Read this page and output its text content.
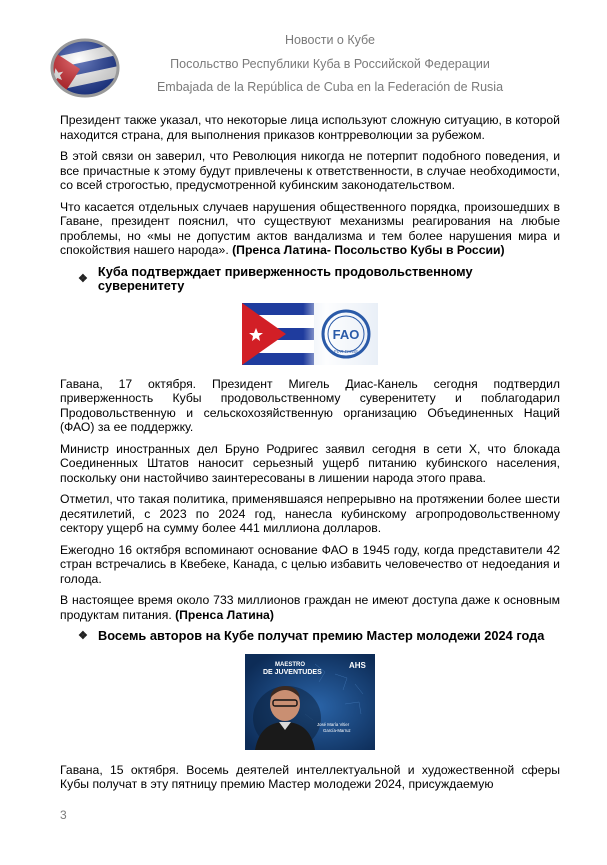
Новости о Кубе
Посольство Республики Куба в Российской Федерации
Embajada de la República de Cuba en la Federación de Rusia

Президент также указал, что некоторые лица используют сложную ситуацию, в которой находится страна, для выполнения приказов контрреволюции за рубежом.

В этой связи он заверил, что Революция никогда не потерпит подобного поведения, и все причастные к этому будут привлечены к ответственности, в случае необходимости, со всей строгостью, предусмотренной кубинским законодательством.

Что касается отдельных случаев нарушения общественного порядка, произошедших в Гаване, президент пояснил, что существуют механизмы реагирования на любые проблемы, но «мы не допустим актов вандализма и тем более нарушения мира и спокойствия нашего народа». (Пренса Латина- Посольство Кубы в России)

❖
Куба подтверждает приверженность продовольственному суверенитету
FAO
FIAT PANIS

Гавана, 17 октября. Президент Мигель Диас-Канель сегодня подтвердил приверженность Кубы продовольственному суверенитету и поблагодарил Продовольственную и сельскохозяйственную организацию Объединенных Наций (ФАО) за ее поддержку.

Министр иностранных дел Бруно Родригес заявил сегодня в сети Х, что блокада Соединенных Штатов наносит серьезный ущерб питанию кубинского населения, поскольку они настойчиво заинтересованы в лишении народа этого права.

Отметил, что такая политика, применявшаяся непрерывно на протяжении более шести десятилетий, с 2023 по 2024 год, нанесла кубинскому агропродовольственному сектору ущерб на сумму более 441 миллиона долларов.

Ежегодно 16 октября вспоминают основание ФАО в 1945 году, когда представители 42 стран встречались в Квебеке, Канада, с целью избавить человечество от недоедания и голода.

В настоящее время около 733 миллионов граждан не имеют доступа даже к основным продуктам питания. (Пренса Латина)

❖ Восемь авторов на Кубе получат премию Мастер молодежи 2024 года
MAESTRO
DE JUVENTUDES
AHS
José María Vitier
García-Marruz

Гавана, 15 октября. Восемь деятелей интеллектуальной и художественной сферы Кубы получат в эту пятницу премию Мастер молодежи 2024, присуждаемую

3
